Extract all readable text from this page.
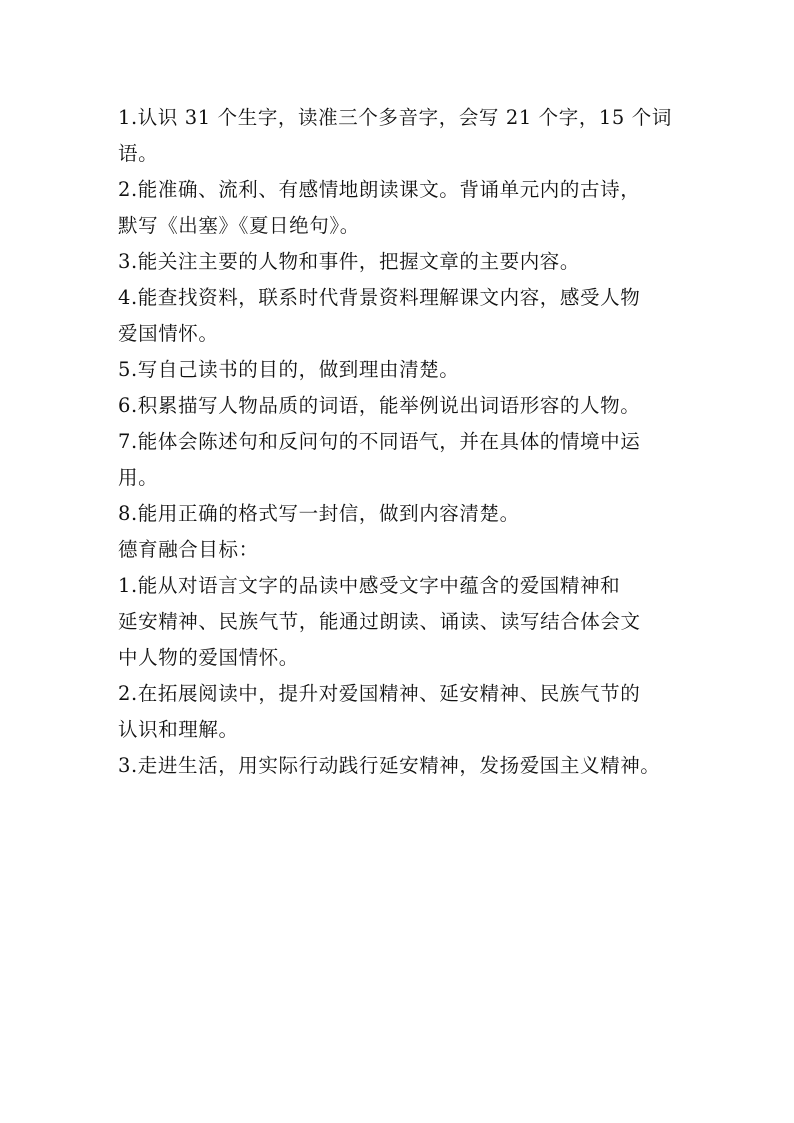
1.认识 31 个生字，读准三个多音字，会写 21 个字，15 个词

语。

2.能准确、流利、有感情地朗读课文。背诵单元内的古诗，

默写《出塞》《夏日绝句》。

3.能关注主要的人物和事件，把握文章的主要内容。

4.能查找资料，联系时代背景资料理解课文内容，感受人物

爱国情怀。

5.写自己读书的目的，做到理由清楚。

6.积累描写人物品质的词语，能举例说出词语形容的人物。

7.能体会陈述句和反问句的不同语气，并在具体的情境中运

用。

8.能用正确的格式写一封信，做到内容清楚。

德育融合目标：

1.能从对语言文字的品读中感受文字中蕴含的爱国精神和

延安精神、民族气节，能通过朗读、诵读、读写结合体会文

中人物的爱国情怀。

2.在拓展阅读中，提升对爱国精神、延安精神、民族气节的

认识和理解。

3.走进生活，用实际行动践行延安精神，发扬爱国主义精神。
